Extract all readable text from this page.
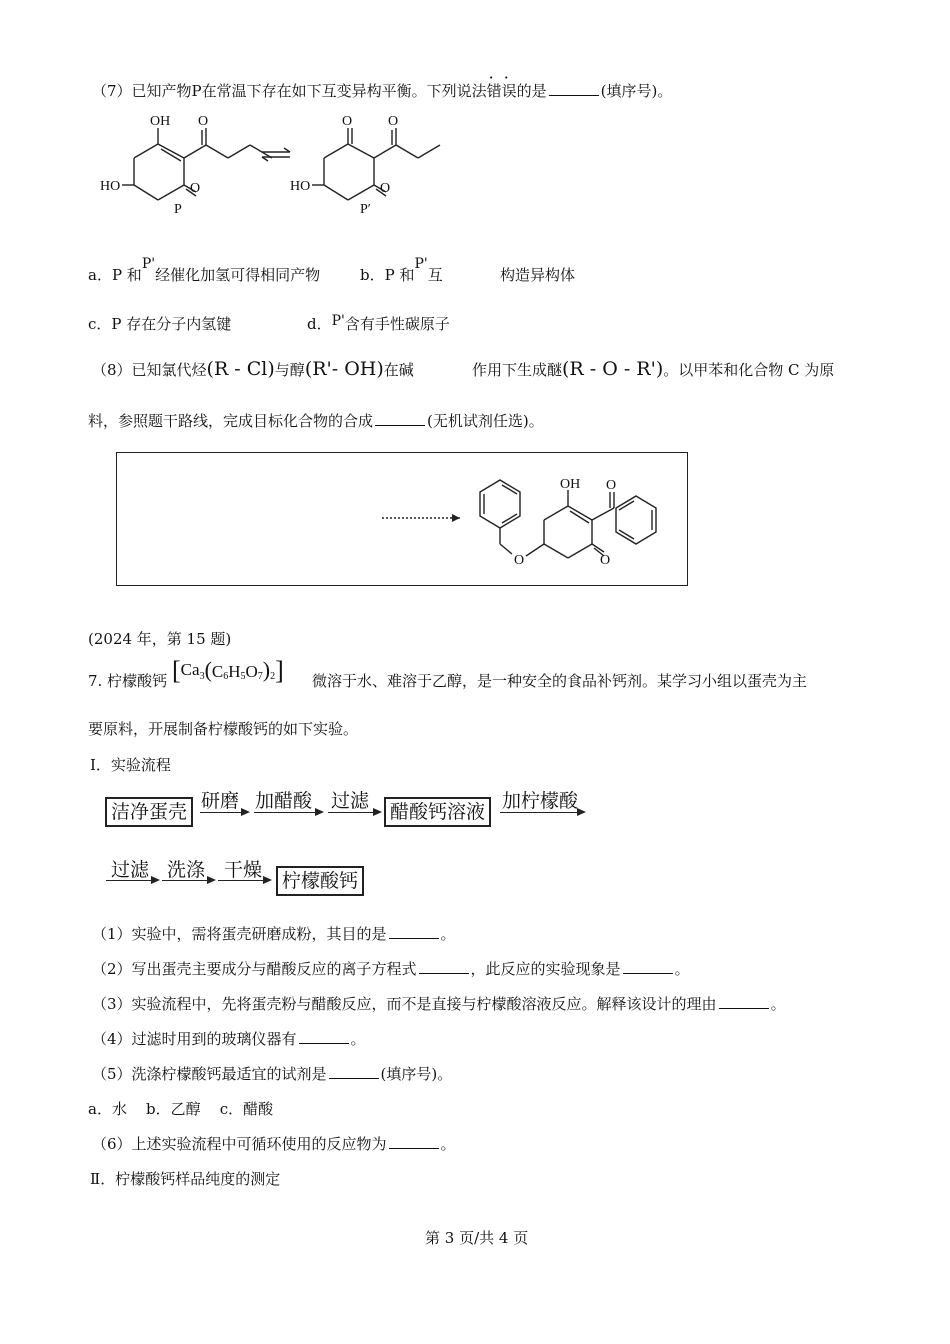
（7）已知产物P在常温下存在如下互变异构平衡。下列说法
··
错误的是	(填序号)。
OH O
O
HO
P
O	O
O
HO
P′
a．P 和P'经催化加氢可得相同产物	b．P 和P'互	构造异构体
c．P 存在分子内氢键	d．P'含有手性碳原子
（8）已知氯代烃(R - Cl)与醇(R'- OH)在碱	作用下生成醚(R - O - R')。以甲苯和化合物 C 为原
料，参照题干路线，完成目标化合物的合成	(无机试剂任选)。
OH O
O
O
(2024 年，第 15 题)
7. 柠檬酸钙 [Ca3(C6H5O7)2] 微溶于水、难溶于乙醇，是一种安全的食品补钙剂。某学习小组以蛋壳为主
要原料，开展制备柠檬酸钙的如下实验。
Ⅰ．实验流程
洁净蛋壳 研磨 加醋酸 过滤	醋酸钙溶液 加柠檬酸
过滤 洗涤 干燥	柠檬酸钙
（1）实验中，需将蛋壳研磨成粉，其目的是	。
（2）写出蛋壳主要成分与醋酸反应的离子方程式	，此反应的实验现象是	。
（3）实验流程中，先将蛋壳粉与醋酸反应，而不是直接与柠檬酸溶液反应。解释该设计的理由	。
（4）过滤时用到的玻璃仪器有	。
（5）洗涤柠檬酸钙最适宜的试剂是	(填序号)。
a．水    b．乙醇    c．醋酸
（6）上述实验流程中可循环使用的反应物为	。
Ⅱ．柠檬酸钙样品纯度的测定
第 3 页/共 4 页
